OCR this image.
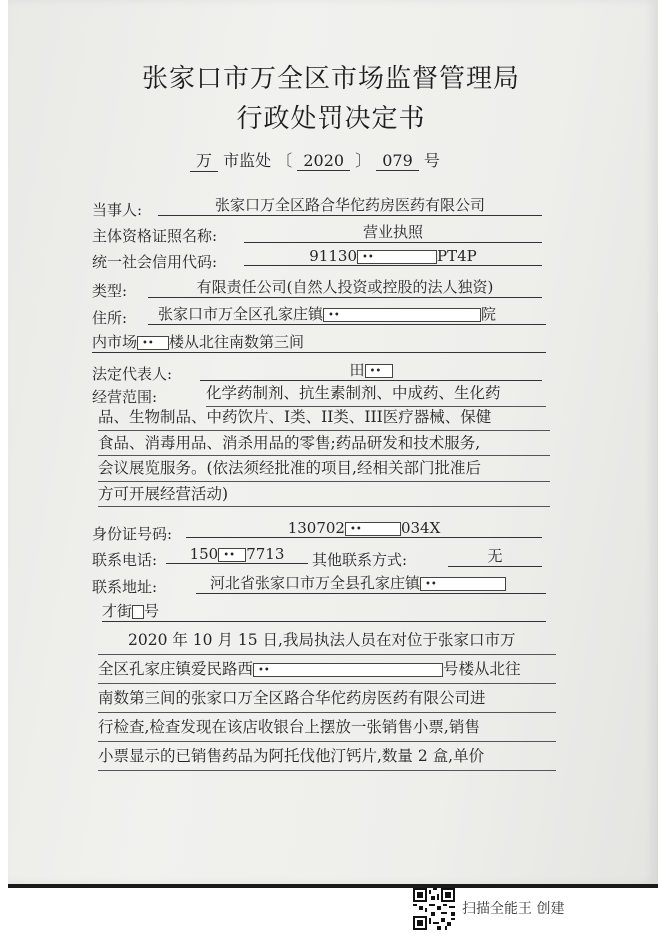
张家口市万全区市场监督管理局
行政处罚决定书
万 市监处 〔 2020 〕 079 号
当事人:	张家口万全区路合华佗药房医药有限公司
主体资格证照名称:	营业执照
统一社会信用代码:	91130 ••	PT4P
类型:	有限责任公司(自然人投资或控股的法人独资)
住所:	张家口市万全区孔家庄镇 ••	院
内市场 •• 楼从北往南数第三间
法定代表人:	田 ••
经营范围:	化学药制剂、抗生素制剂、中成药、生化药
品、生物制品、中药饮片、I类、II类、III医疗器械、保健
食品、消毒用品、消杀用品的零售;药品研发和技术服务,
会议展览服务。(依法须经批准的项目,经相关部门批准后
方可开展经营活动)
身份证号码:	130702 ••	034X
联系电话:	150 •• 7713	其他联系方式:	无
联系地址:	河北省张家口市万全县孔家庄镇 ••
才街 号
2020 年 10 月 15 日,我局执法人员在对位于张家口市万
全区孔家庄镇爱民路西 ••	号楼从北往
南数第三间的张家口万全区路合华佗药房医药有限公司进
行检查,检查发现在该店收银台上摆放一张销售小票,销售
小票显示的已销售药品为阿托伐他汀钙片,数量 2 盒,单价
扫描全能王 创建
